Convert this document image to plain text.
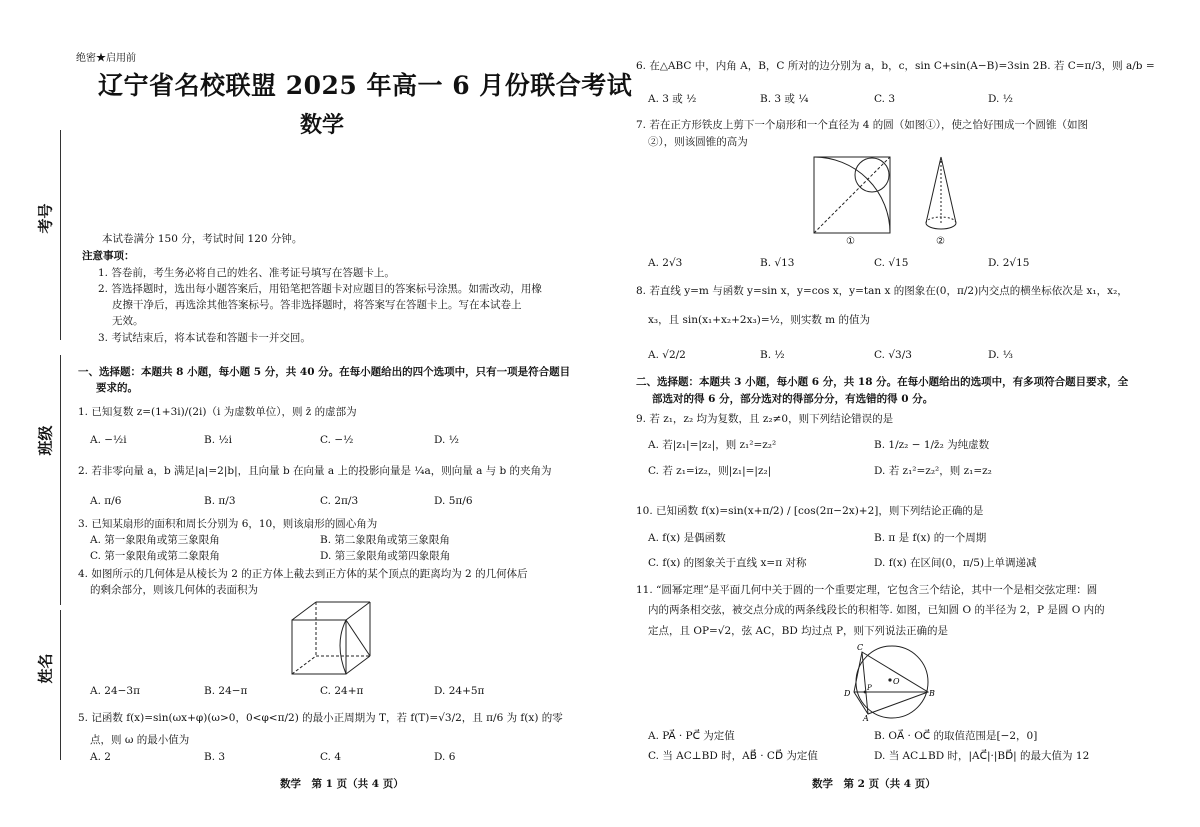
考号
班级
姓名
绝密★启用前
辽宁省名校联盟 2025 年高一 6 月份联合考试
数学
本试卷满分 150 分，考试时间 120 分钟。
注意事项：
1. 答卷前，考生务必将自己的姓名、准考证号填写在答题卡上。
2. 答选择题时，选出每小题答案后，用铅笔把答题卡对应题目的答案标号涂黑。如需改动，用橡
皮擦干净后，再选涂其他答案标号。答非选择题时，将答案写在答题卡上。写在本试卷上
无效。
3. 考试结束后，将本试卷和答题卡一并交回。
一、选择题：本题共 8 小题，每小题 5 分，共 40 分。在每小题给出的四个选项中，只有一项是符合题目
要求的。
1. 已知复数 z=(1+3i)/(2i)（i 为虚数单位），则 z̄ 的虚部为
A. −½i	B. ½i	C. −½	D. ½
2. 若非零向量 a，b 满足|a|=2|b|，且向量 b 在向量 a 上的投影向量是 ¼a，则向量 a 与 b 的夹角为
A. π/6	B. π/3	C. 2π/3	D. 5π/6
3. 已知某扇形的面积和周长分别为 6，10，则该扇形的圆心角为
A. 第一象限角或第三象限角	B. 第二象限角或第三象限角
C. 第一象限角或第二象限角	D. 第三象限角或第四象限角
4. 如图所示的几何体是从棱长为 2 的正方体上截去到正方体的某个顶点的距离均为 2 的几何体后
的剩余部分，则该几何体的表面积为
A. 24−3π	B. 24−π	C. 24+π	D. 24+5π
5. 记函数 f(x)=sin(ωx+φ)(ω>0，0<φ<π/2) 的最小正周期为 T，若 f(T)=√3/2，且 π/6 为 f(x) 的零
点，则 ω 的最小值为
A. 2	B. 3	C. 4	D. 6
数学　第 1 页（共 4 页）
6. 在△ABC 中，内角 A，B，C 所对的边分别为 a，b，c，sin C+sin(A−B)=3sin 2B. 若 C=π/3，则 a/b =
A. 3 或 ½	B. 3 或 ¼	C. 3	D. ½
7. 若在正方形铁皮上剪下一个扇形和一个直径为 4 的圆（如图①），使之恰好围成一个圆锥（如图
②），则该圆锥的高为
①	②
A. 2√3	B. √13	C. √15	D. 2√15
8. 若直线 y=m 与函数 y=sin x，y=cos x，y=tan x 的图象在(0，π/2)内交点的横坐标依次是 x₁，x₂，
x₃，且 sin(x₁+x₂+2x₃)=½，则实数 m 的值为
A. √2/2	B. ½	C. √3/3	D. ⅓
二、选择题：本题共 3 小题，每小题 6 分，共 18 分。在每小题给出的选项中，有多项符合题目要求，全
部选对的得 6 分，部分选对的得部分分，有选错的得 0 分。
9. 若 z₁，z₂ 均为复数，且 z₂≠0，则下列结论错误的是
A. 若|z₁|=|z₂|，则 z₁²=z₂²	B. 1/z₂ − 1/z̄₂ 为纯虚数
C. 若 z₁=iz₂，则|z₁|=|z₂|	D. 若 z₁²=z₂²，则 z₁=z₂
10. 已知函数 f(x)=sin(x+π/2) / [cos(2π−2x)+2]，则下列结论正确的是
A. f(x) 是偶函数	B. π 是 f(x) 的一个周期
C. f(x) 的图象关于直线 x=π 对称	D. f(x) 在区间(0，π/5)上单调递减
11. “圆幂定理”是平面几何中关于圆的一个重要定理，它包含三个结论，其中一个是相交弦定理：圆
内的两条相交弦，被交点分成的两条线段长的积相等. 如图，已知圆 O 的半径为 2，P 是圆 O 内的
定点，且 OP=√2，弦 AC，BD 均过点 P，则下列说法正确的是
C
D
P
O
B
A
A. PA⃗ · PC⃗ 为定值	B. OA⃗ · OC⃗ 的取值范围是[−2，0]
C. 当 AC⊥BD 时，AB⃗ · CD⃗ 为定值	D. 当 AC⊥BD 时，|AC⃗|·|BD⃗| 的最大值为 12
数学　第 2 页（共 4 页）
